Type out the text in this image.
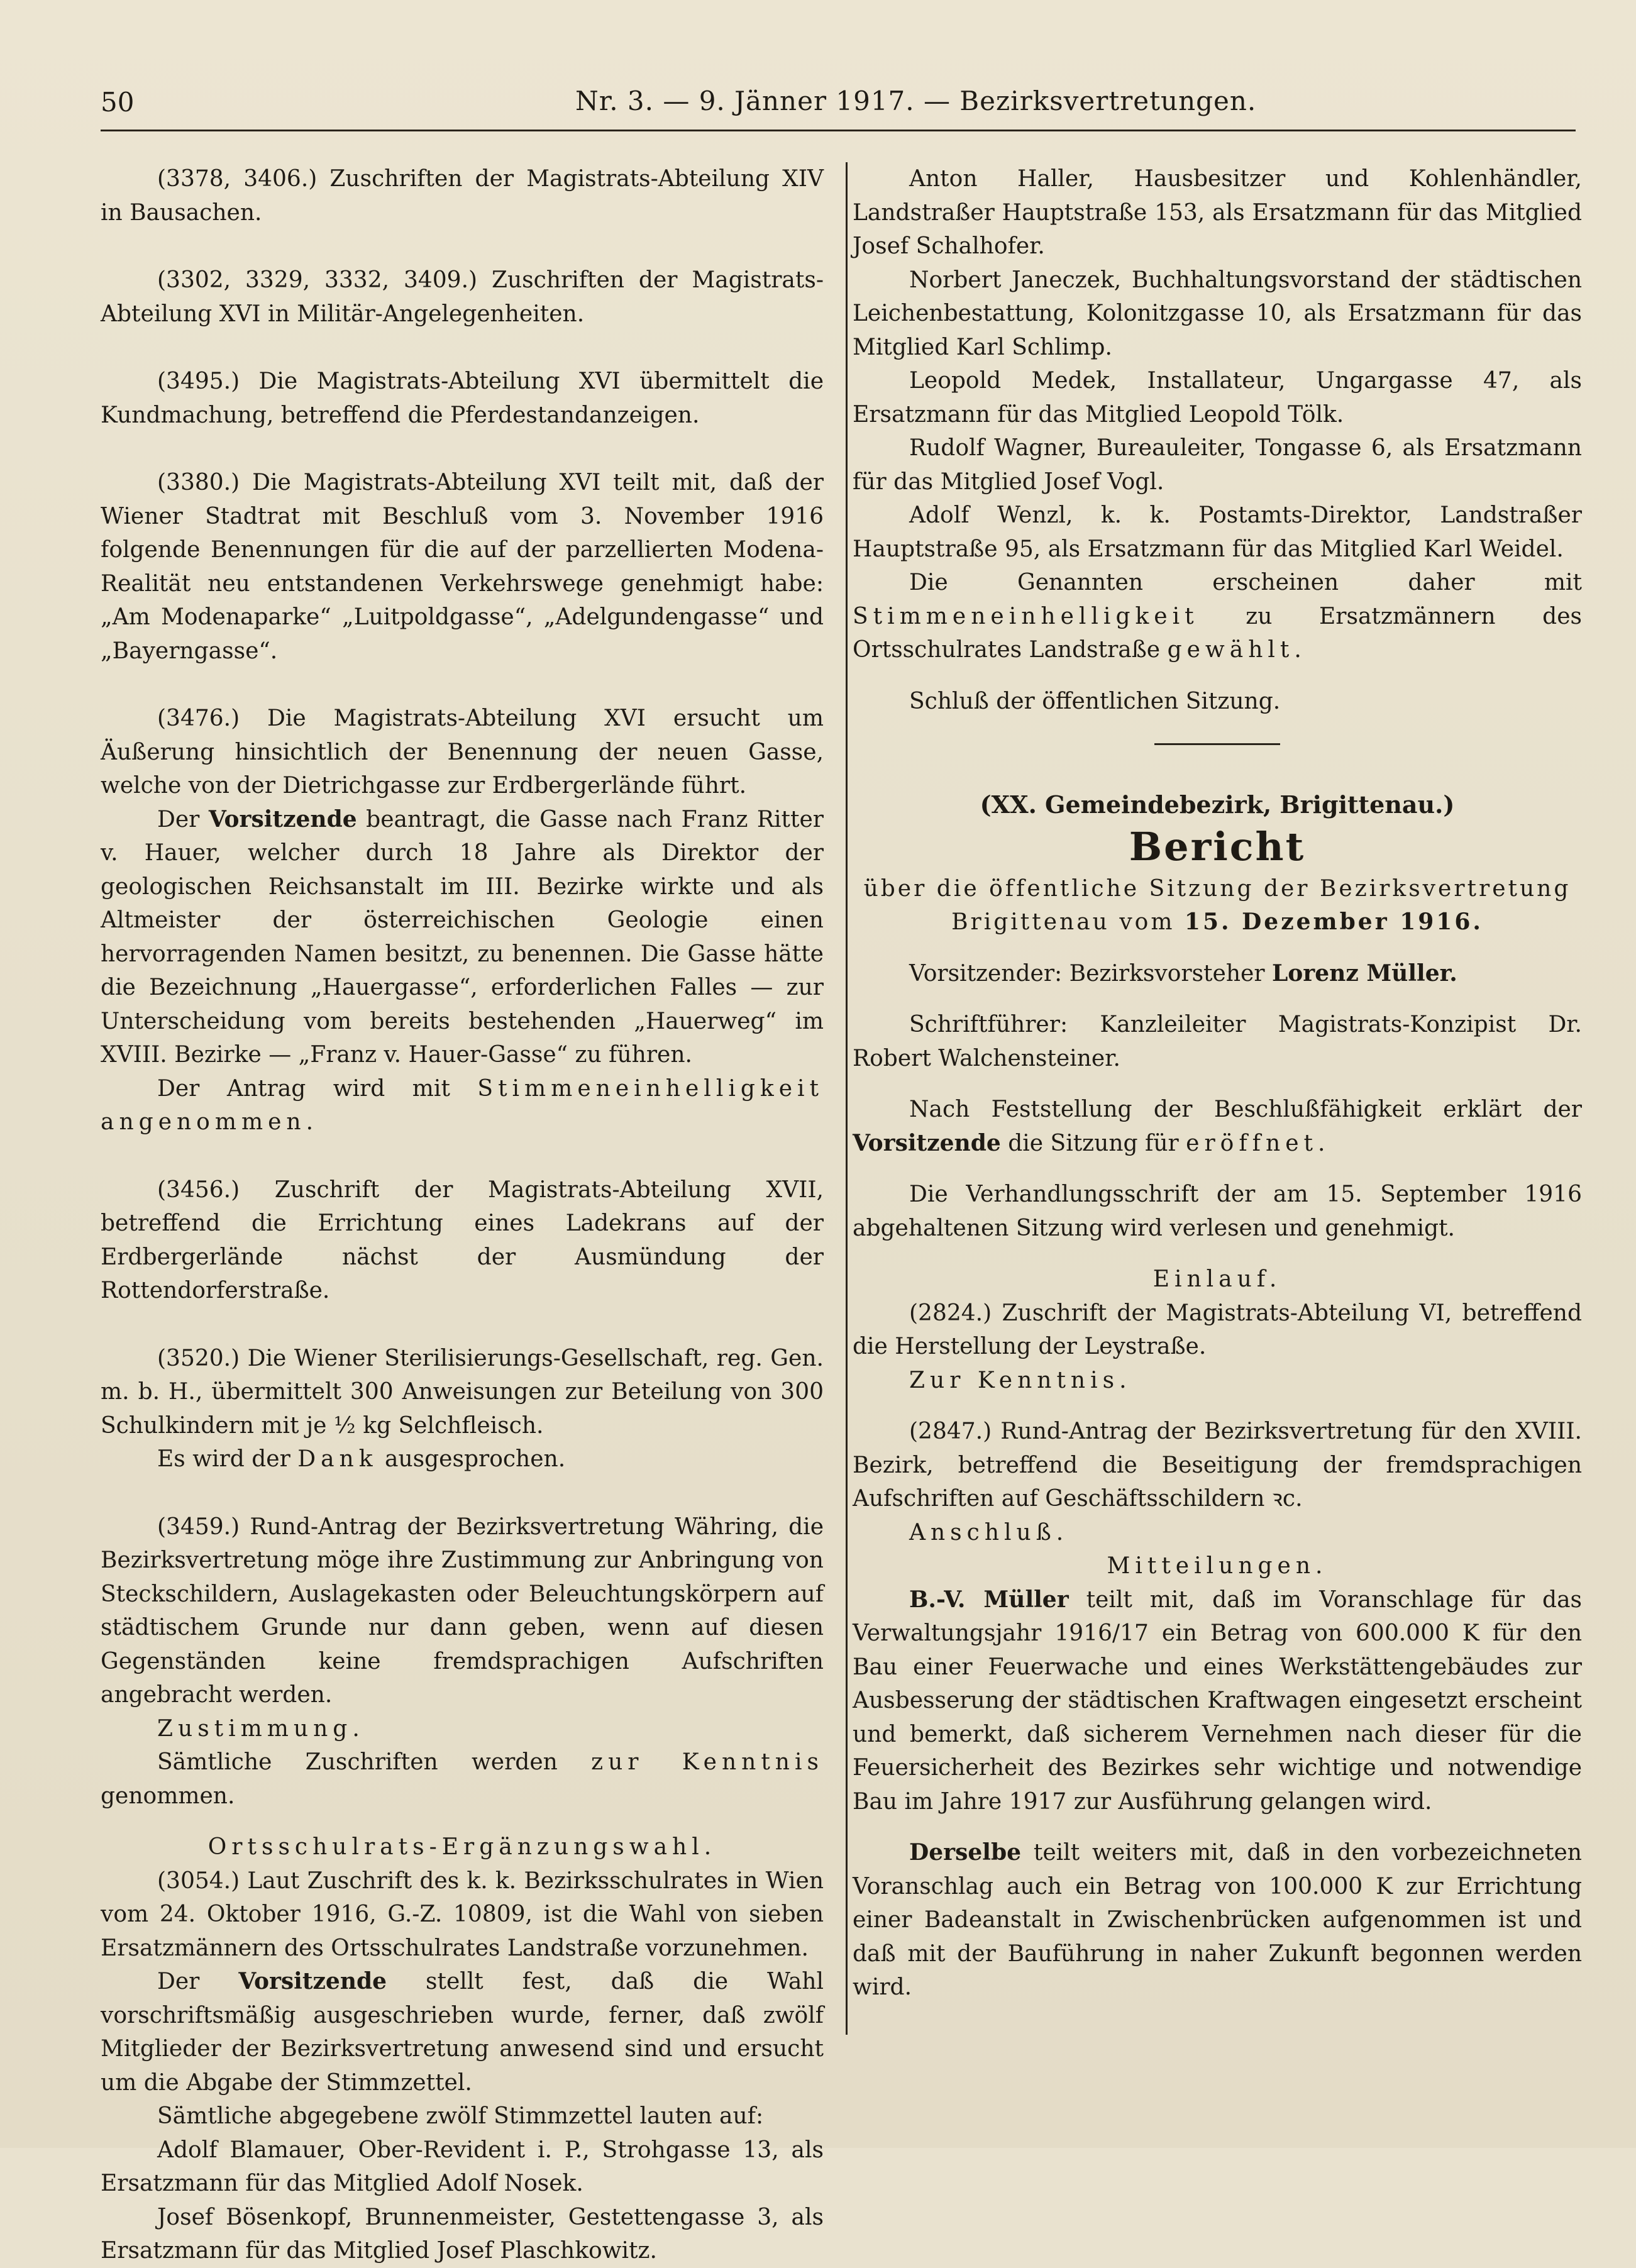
50	Nr. 3. — 9. Jänner 1917. — Bezirksvertretungen.

(3378, 3406.) Zuschriften der Magistrats-Abteilung XIV in Bausachen.

(3302, 3329, 3332, 3409.) Zuschriften der Magistrats-Abteilung XVI in Militär-Angelegenheiten.

(3495.) Die Magistrats-Abteilung XVI übermittelt die Kundmachung, betreffend die Pferdestandanzeigen.

(3380.) Die Magistrats-Abteilung XVI teilt mit, daß der Wiener Stadtrat mit Beschluß vom 3. November 1916 folgende Benennungen für die auf der parzellierten Modena-Realität neu entstandenen Verkehrswege genehmigt habe: „Am Modenaparke“ „Luitpoldgasse“, „Adelgundengasse“ und „Bayerngasse“.

(3476.) Die Magistrats-Abteilung XVI ersucht um Äußerung hinsichtlich der Benennung der neuen Gasse, welche von der Dietrichgasse zur Erdbergerlände führt.

Der Vorsitzende beantragt, die Gasse nach Franz Ritter v. Hauer, welcher durch 18 Jahre als Direktor der geologischen Reichsanstalt im III. Bezirke wirkte und als Altmeister der österreichischen Geologie einen hervorragenden Namen besitzt, zu benennen. Die Gasse hätte die Bezeichnung „Hauergasse“, erforderlichen Falles — zur Unterscheidung vom bereits bestehenden „Hauerweg“ im XVIII. Bezirke — „Franz v. Hauer-Gasse“ zu führen.

Der Antrag wird mit Stimmeneinhelligkeit angenommen.

(3456.) Zuschrift der Magistrats-Abteilung XVII, betreffend die Errichtung eines Ladekrans auf der Erdbergerlände nächst der Ausmündung der Rottendorferstraße.

(3520.) Die Wiener Sterilisierungs-Gesellschaft, reg. Gen. m. b. H., übermittelt 300 Anweisungen zur Beteilung von 300 Schulkindern mit je ½ kg Selchfleisch.

Es wird der Dank ausgesprochen.

(3459.) Rund-Antrag der Bezirksvertretung Währing, die Bezirksvertretung möge ihre Zustimmung zur Anbringung von Steckschildern, Auslagekasten oder Beleuchtungskörpern auf städtischem Grunde nur dann geben, wenn auf diesen Gegenständen keine fremdsprachigen Aufschriften angebracht werden.

Zustimmung.

Sämtliche Zuschriften werden zur Kenntnis genommen.

Ortsschulrats-Ergänzungswahl.

(3054.) Laut Zuschrift des k. k. Bezirksschulrates in Wien vom 24. Oktober 1916, G.-Z. 10809, ist die Wahl von sieben Ersatzmännern des Ortsschulrates Landstraße vorzunehmen.

Der Vorsitzende stellt fest, daß die Wahl vorschriftsmäßig ausgeschrieben wurde, ferner, daß zwölf Mitglieder der Bezirksvertretung anwesend sind und ersucht um die Abgabe der Stimmzettel.

Sämtliche abgegebene zwölf Stimmzettel lauten auf:

Adolf Blamauer, Ober-Revident i. P., Strohgasse 13, als Ersatzmann für das Mitglied Adolf Nosek.

Josef Bösenkopf, Brunnenmeister, Gestettengasse 3, als Ersatzmann für das Mitglied Josef Plaschkowitz.

Anton Haller, Hausbesitzer und Kohlenhändler, Landstraßer Hauptstraße 153, als Ersatzmann für das Mitglied Josef Schalhofer.

Norbert Janeczek, Buchhaltungsvorstand der städtischen Leichenbestattung, Kolonitzgasse 10, als Ersatzmann für das Mitglied Karl Schlimp.

Leopold Medek, Installateur, Ungargasse 47, als Ersatzmann für das Mitglied Leopold Tölk.

Rudolf Wagner, Bureauleiter, Tongasse 6, als Ersatzmann für das Mitglied Josef Vogl.

Adolf Wenzl, k. k. Postamts-Direktor, Landstraßer Hauptstraße 95, als Ersatzmann für das Mitglied Karl Weidel.

Die Genannten erscheinen daher mit Stimmeneinhelligkeit zu Ersatzmännern des Ortsschulrates Landstraße gewählt.

Schluß der öffentlichen Sitzung.

(XX. Gemeindebezirk, Brigittenau.)

Bericht

über die öffentliche Sitzung der Bezirksvertretung

Brigittenau vom 15. Dezember 1916.

Vorsitzender: Bezirksvorsteher Lorenz Müller.

Schriftführer: Kanzleileiter Magistrats-Konzipist Dr. Robert Walchensteiner.

Nach Feststellung der Beschlußfähigkeit erklärt der Vorsitzende die Sitzung für eröffnet.

Die Verhandlungsschrift der am 15. September 1916 abgehaltenen Sitzung wird verlesen und genehmigt.

Einlauf.

(2824.) Zuschrift der Magistrats-Abteilung VI, betreffend die Herstellung der Leystraße.

Zur Kenntnis.

(2847.) Rund-Antrag der Bezirksvertretung für den XVIII. Bezirk, betreffend die Beseitigung der fremdsprachigen Aufschriften auf Geschäftsschildern ꝛc.

Anschluß.

Mitteilungen.

B.-V. Müller teilt mit, daß im Voranschlage für das Verwaltungsjahr 1916/17 ein Betrag von 600.000 K für den Bau einer Feuerwache und eines Werkstättengebäudes zur Ausbesserung der städtischen Kraftwagen eingesetzt erscheint und bemerkt, daß sicherem Vernehmen nach dieser für die Feuersicherheit des Bezirkes sehr wichtige und notwendige Bau im Jahre 1917 zur Ausführung gelangen wird.

Derselbe teilt weiters mit, daß in den vorbezeichneten Voranschlag auch ein Betrag von 100.000 K zur Errichtung einer Badeanstalt in Zwischenbrücken aufgenommen ist und daß mit der Bauführung in naher Zukunft begonnen werden wird.
